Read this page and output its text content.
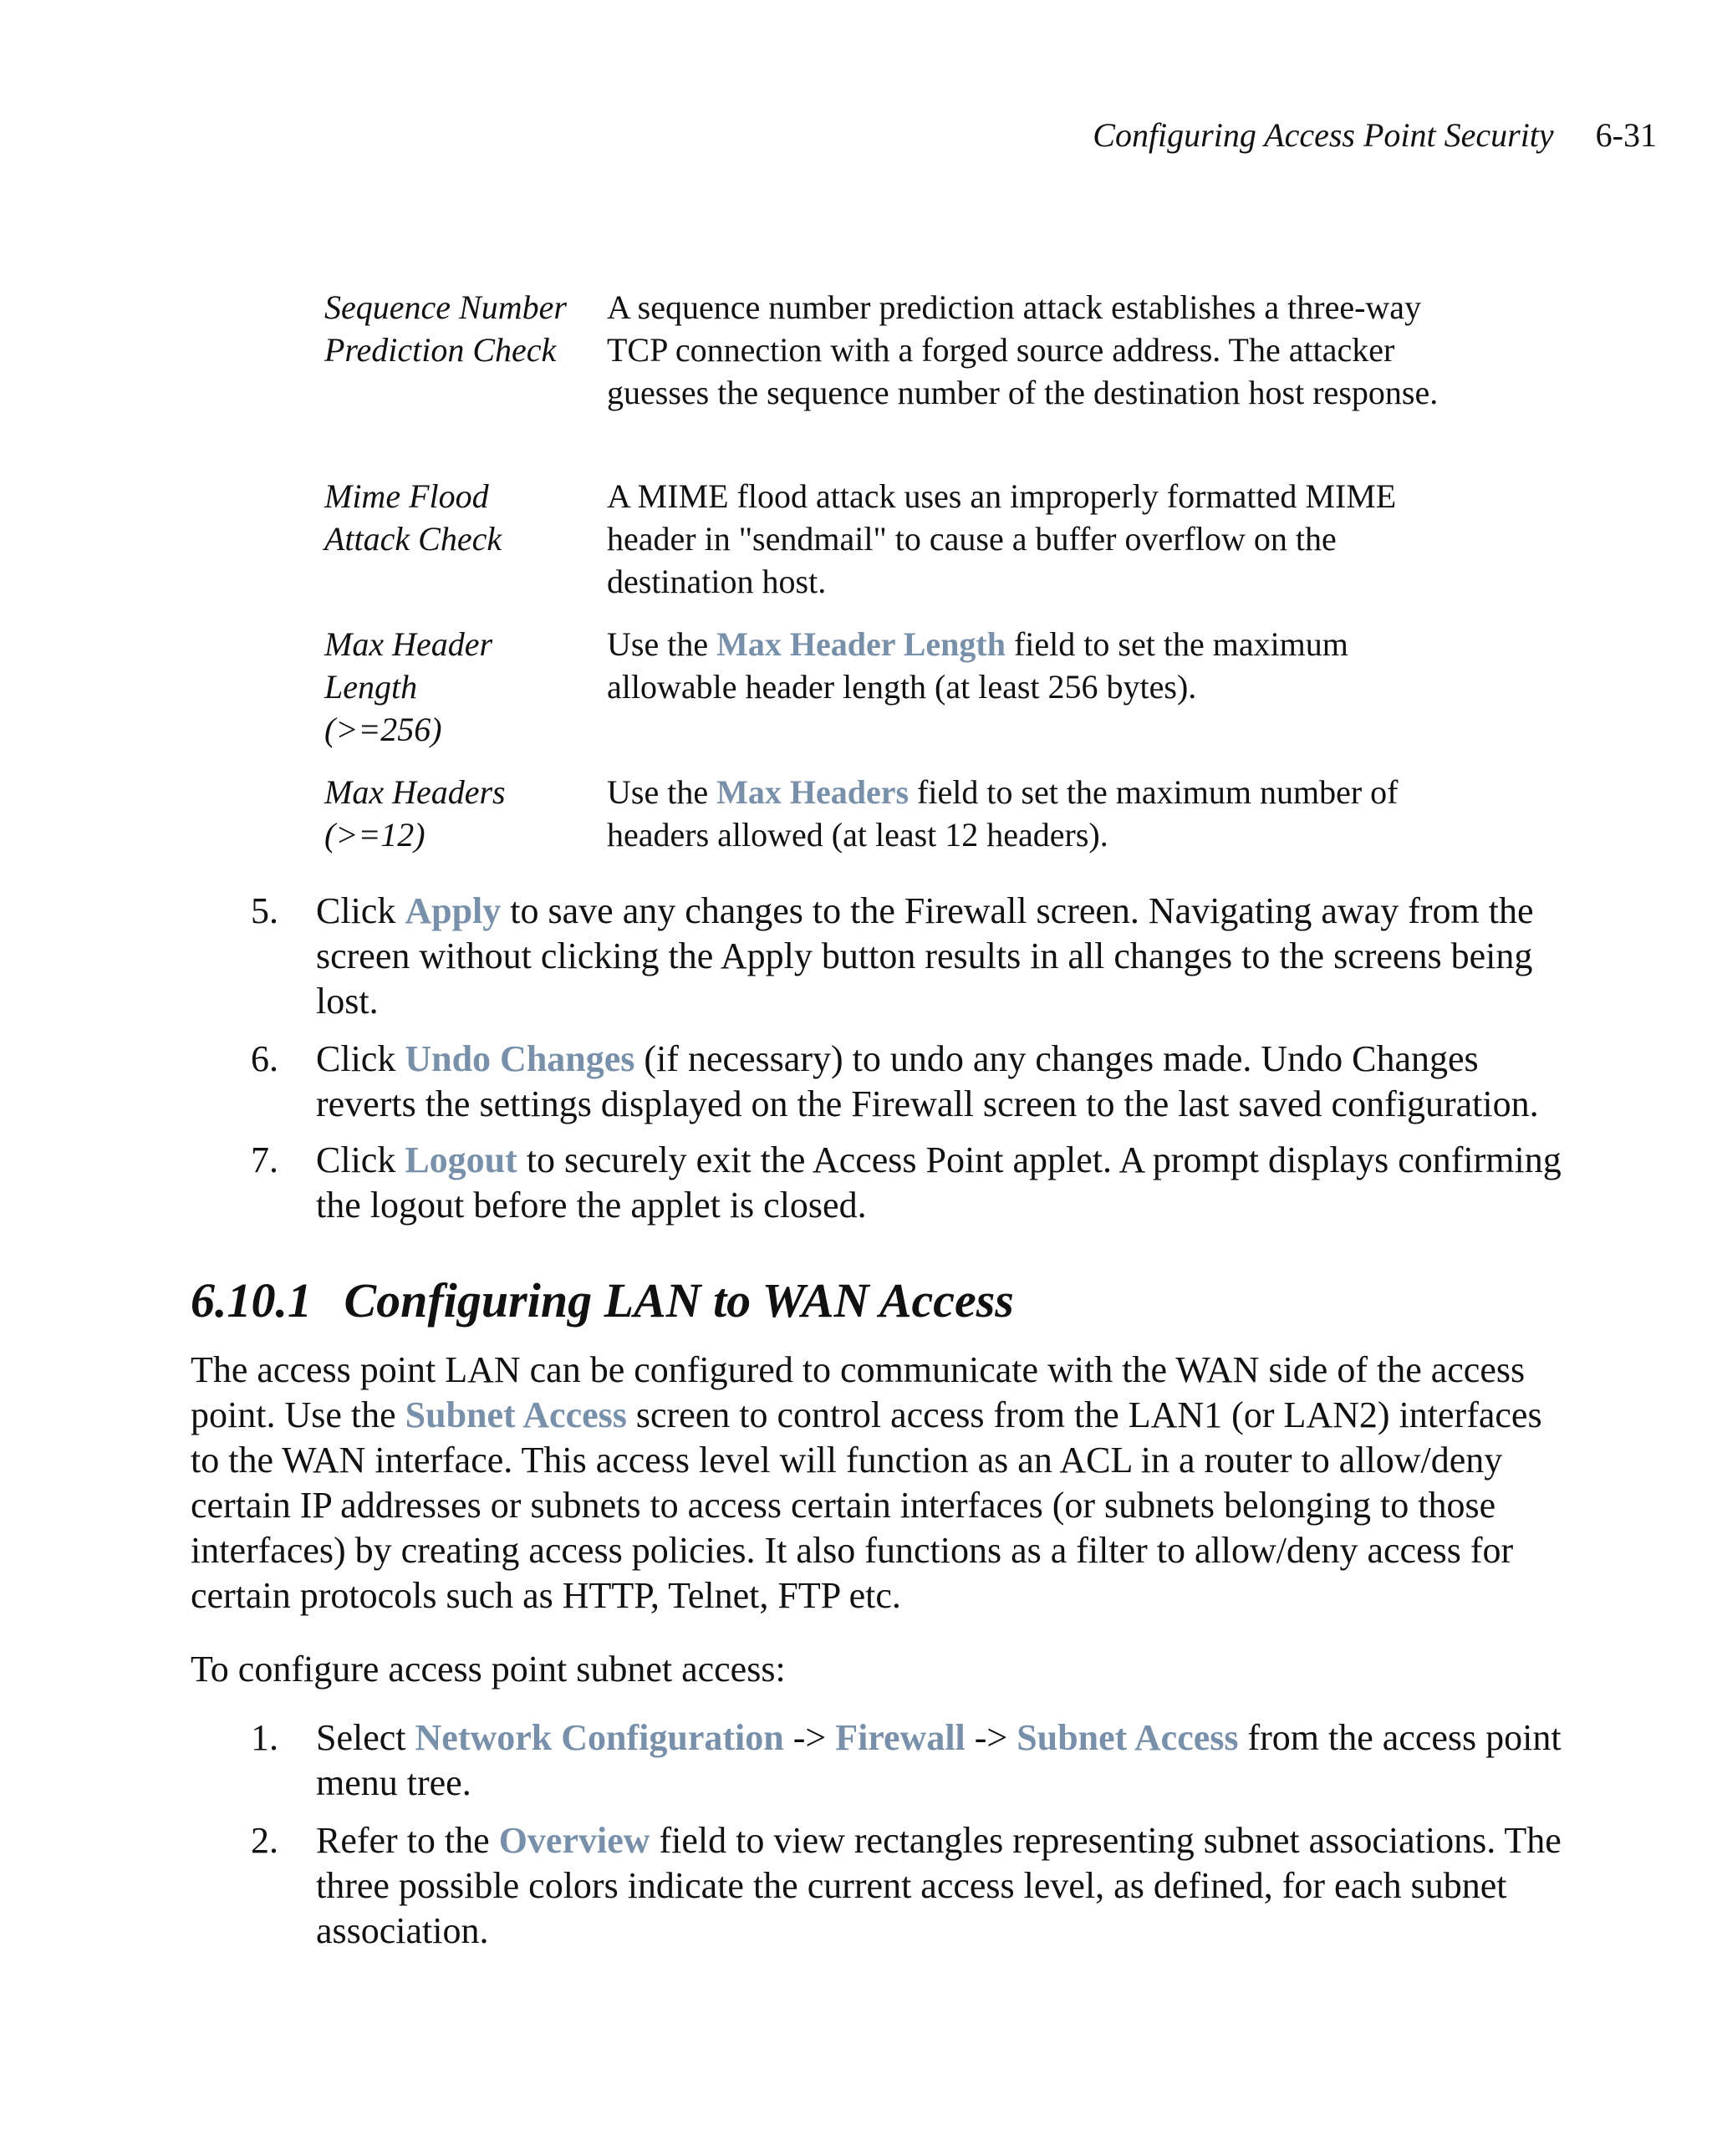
Configuring Access Point Security 6-31
Sequence Number Prediction Check
A sequence number prediction attack establishes a three-way TCP connection with a forged source address. The attacker guesses the sequence number of the destination host response.
Mime Flood Attack Check
A MIME flood attack uses an improperly formatted MIME header in "sendmail" to cause a buffer overflow on the destination host.
Max Header Length (>=256)
Use the Max Header Length field to set the maximum allowable header length (at least 256 bytes).
Max Headers (>=12)
Use the Max Headers field to set the maximum number of headers allowed (at least 12 headers).
5. Click Apply to save any changes to the Firewall screen. Navigating away from the screen without clicking the Apply button results in all changes to the screens being lost.
6. Click Undo Changes (if necessary) to undo any changes made. Undo Changes reverts the settings displayed on the Firewall screen to the last saved configuration.
7. Click Logout to securely exit the Access Point applet. A prompt displays confirming the logout before the applet is closed.
6.10.1 Configuring LAN to WAN Access
The access point LAN can be configured to communicate with the WAN side of the access point. Use the Subnet Access screen to control access from the LAN1 (or LAN2) interfaces to the WAN interface. This access level will function as an ACL in a router to allow/deny certain IP addresses or subnets to access certain interfaces (or subnets belonging to those interfaces) by creating access policies. It also functions as a filter to allow/deny access for certain protocols such as HTTP, Telnet, FTP etc.
To configure access point subnet access:
1. Select Network Configuration -> Firewall -> Subnet Access from the access point menu tree.
2. Refer to the Overview field to view rectangles representing subnet associations. The three possible colors indicate the current access level, as defined, for each subnet association.
